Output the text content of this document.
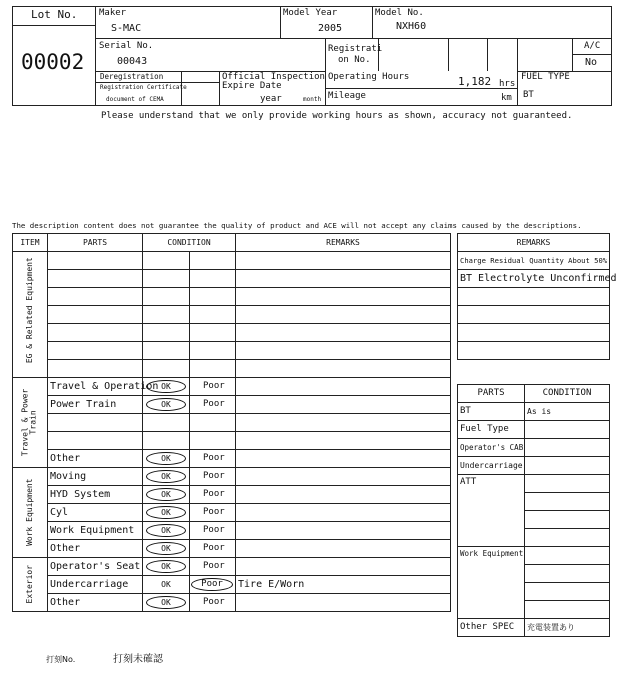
Lot No.
00002
Maker
S-MAC
Model Year
2005
Model No.
NXH60
Serial No.
00043
Registrati
on No.
A/C
No
Deregistration
Registration Certificate
document of CEMA
Official Inspection
Expire Date
year	month
Operating Hours	1,182 hrs
Mileage	km
FUEL TYPE
BT
Please understand that we only provide working hours as shown, accuracy not guaranteed.
The description content does not guarantee the quality of product and ACE will not accept any claims caused by the descriptions.
ITEM	PARTS	CONDITION		REMARKS

EG & Related Equipment				

Travel & Power
Train	Travel & Operation	OK	Poor	
	Power Train	OK	Poor	

	Other	OK	Poor	

Work Equipment	Moving	OK	Poor	
	HYD System	OK	Poor	
	Cyl	OK	Poor	
	Work Equipment	OK	Poor	
	Other	OK	Poor	

Exterior	Operator's Seat	OK	Poor	
	Undercarriage	OK	Poor	Tire E/Worn
	Other	OK	Poor	
REMARKS
Charge Residual Quantity About 50%
BT Electrolyte Unconfirmed

PARTS	CONDITION
BT	As is
Fuel Type	
Operator's CAB	
Undercarriage	
ATT	

Work Equipment	

Other SPEC	充電装置あり
打刻No.	打刻未確認
